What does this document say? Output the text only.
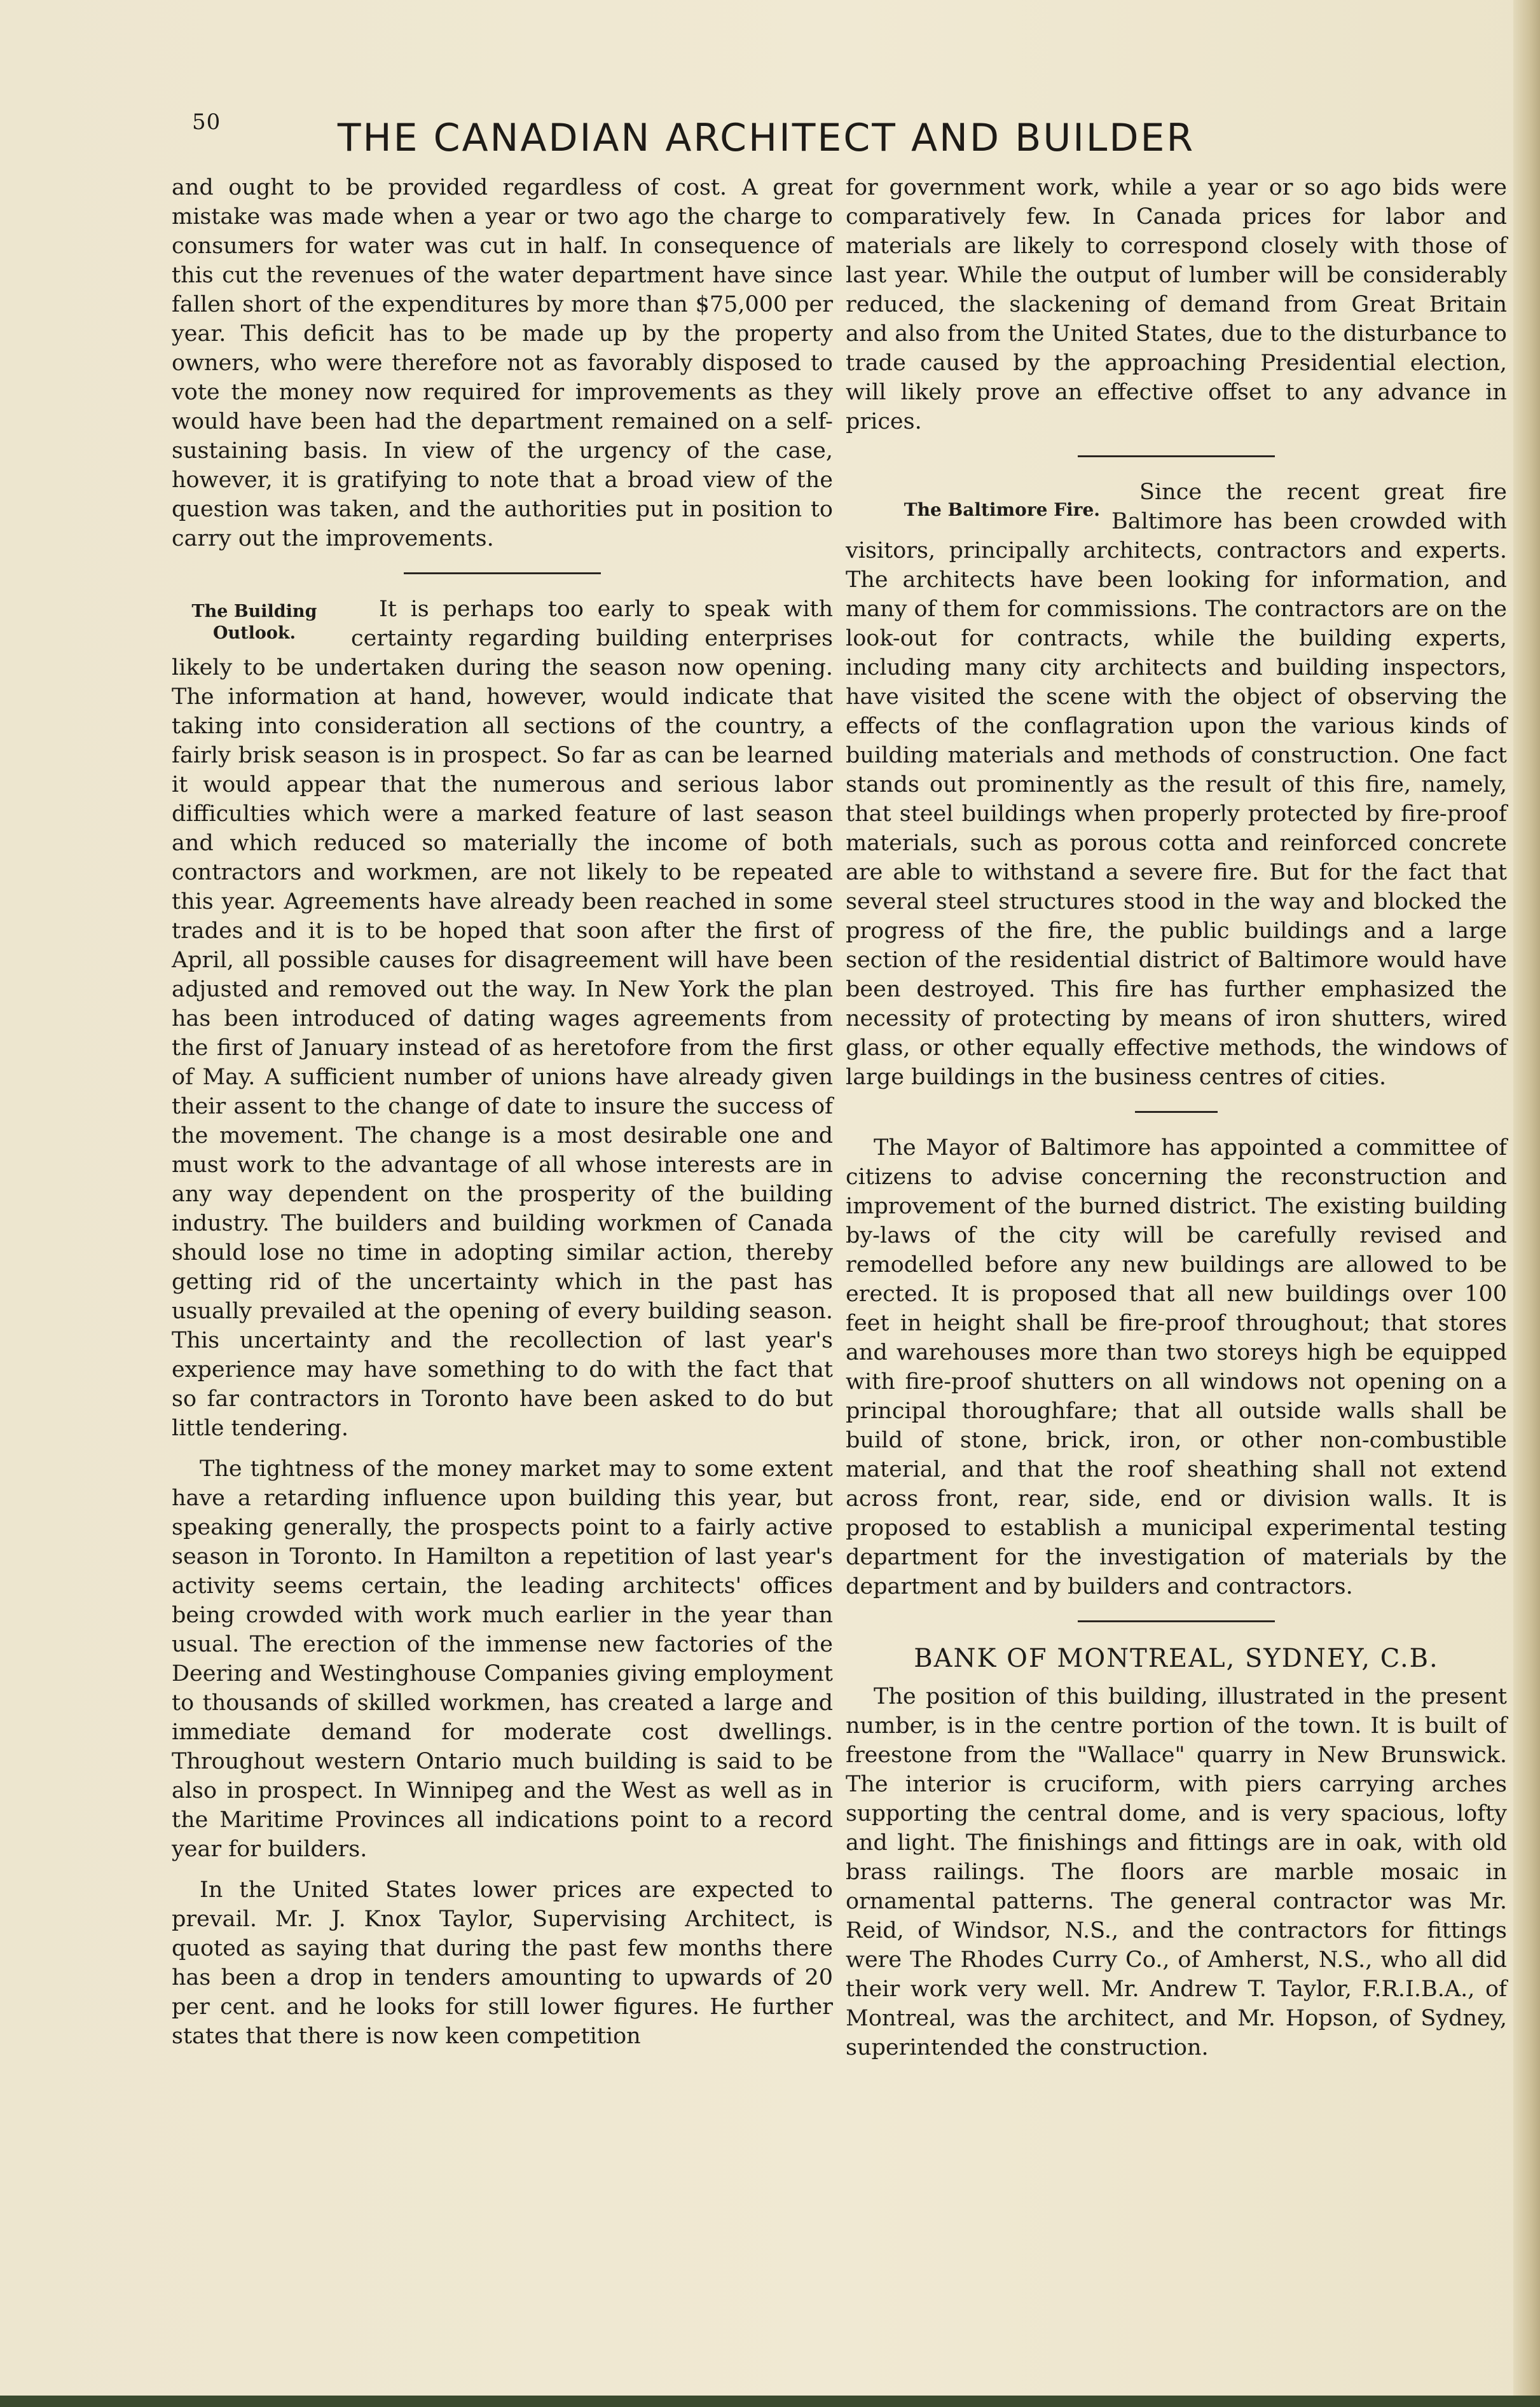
50	THE CANADIAN ARCHITECT AND BUILDER

and ought to be provided regardless of cost. A great mistake was made when a year or two ago the charge to consumers for water was cut in half. In consequence of this cut the revenues of the water department have since fallen short of the expenditures by more than $75,000 per year. This deficit has to be made up by the property owners, who were therefore not as favorably disposed to vote the money now required for improvements as they would have been had the department remained on a self-sustaining basis. In view of the urgency of the case, however, it is gratifying to note that a broad view of the question was taken, and the authorities put in position to carry out the improvements.

The Building Outlook.

It is perhaps too early to speak with certainty regarding building enterprises likely to be undertaken during the season now opening. The information at hand, however, would indicate that taking into consideration all sections of the country, a fairly brisk season is in prospect. So far as can be learned it would appear that the numerous and serious labor difficulties which were a marked feature of last season and which reduced so materially the income of both contractors and workmen, are not likely to be repeated this year. Agreements have already been reached in some trades and it is to be hoped that soon after the first of April, all possible causes for disagreement will have been adjusted and removed out the way. In New York the plan has been introduced of dating wages agreements from the first of January instead of as heretofore from the first of May. A sufficient number of unions have already given their assent to the change of date to insure the success of the movement. The change is a most desirable one and must work to the advantage of all whose interests are in any way dependent on the prosperity of the building industry. The builders and building workmen of Canada should lose no time in adopting similar action, thereby getting rid of the uncertainty which in the past has usually prevailed at the opening of every building season. This uncertainty and the recollection of last year's experience may have something to do with the fact that so far contractors in Toronto have been asked to do but little tendering.

The tightness of the money market may to some extent have a retarding influence upon building this year, but speaking generally, the prospects point to a fairly active season in Toronto. In Hamilton a repetition of last year's activity seems certain, the leading architects' offices being crowded with work much earlier in the year than usual. The erection of the immense new factories of the Deering and Westinghouse Companies giving employment to thousands of skilled workmen, has created a large and immediate demand for moderate cost dwellings. Throughout western Ontario much building is said to be also in prospect. In Winnipeg and the West as well as in the Maritime Provinces all indications point to a record year for builders.

In the United States lower prices are expected to prevail. Mr. J. Knox Taylor, Supervising Architect, is quoted as saying that during the past few months there has been a drop in tenders amounting to upwards of 20 per cent. and he looks for still lower figures. He further states that there is now keen competition

for government work, while a year or so ago bids were comparatively few. In Canada prices for labor and materials are likely to correspond closely with those of last year. While the output of lumber will be considerably reduced, the slackening of demand from Great Britain and also from the United States, due to the disturbance to trade caused by the approaching Presidential election, will likely prove an effective offset to any advance in prices.

The Baltimore Fire.

Since the recent great fire Baltimore has been crowded with visitors, principally architects, contractors and experts. The architects have been looking for information, and many of them for commissions. The contractors are on the look-out for contracts, while the building experts, including many city architects and building inspectors, have visited the scene with the object of observing the effects of the conflagration upon the various kinds of building materials and methods of construction. One fact stands out prominently as the result of this fire, namely, that steel buildings when properly protected by fire-proof materials, such as porous cotta and reinforced concrete are able to withstand a severe fire. But for the fact that several steel structures stood in the way and blocked the progress of the fire, the public buildings and a large section of the residential district of Baltimore would have been destroyed. This fire has further emphasized the necessity of protecting by means of iron shutters, wired glass, or other equally effective methods, the windows of large buildings in the business centres of cities.

The Mayor of Baltimore has appointed a committee of citizens to advise concerning the reconstruction and improvement of the burned district. The existing building by-laws of the city will be carefully revised and remodelled before any new buildings are allowed to be erected. It is proposed that all new buildings over 100 feet in height shall be fire-proof throughout; that stores and warehouses more than two storeys high be equipped with fire-proof shutters on all windows not opening on a principal thoroughfare; that all outside walls shall be build of stone, brick, iron, or other non-combustible material, and that the roof sheathing shall not extend across front, rear, side, end or division walls. It is proposed to establish a municipal experimental testing department for the investigation of materials by the department and by builders and contractors.

BANK OF MONTREAL, SYDNEY, C.B.

The position of this building, illustrated in the present number, is in the centre portion of the town. It is built of freestone from the "Wallace" quarry in New Brunswick. The interior is cruciform, with piers carrying arches supporting the central dome, and is very spacious, lofty and light. The finishings and fittings are in oak, with old brass railings. The floors are marble mosaic in ornamental patterns. The general contractor was Mr. Reid, of Windsor, N.S., and the contractors for fittings were The Rhodes Curry Co., of Amherst, N.S., who all did their work very well. Mr. Andrew T. Taylor, F.R.I.B.A., of Montreal, was the architect, and Mr. Hopson, of Sydney, superintended the construction.
